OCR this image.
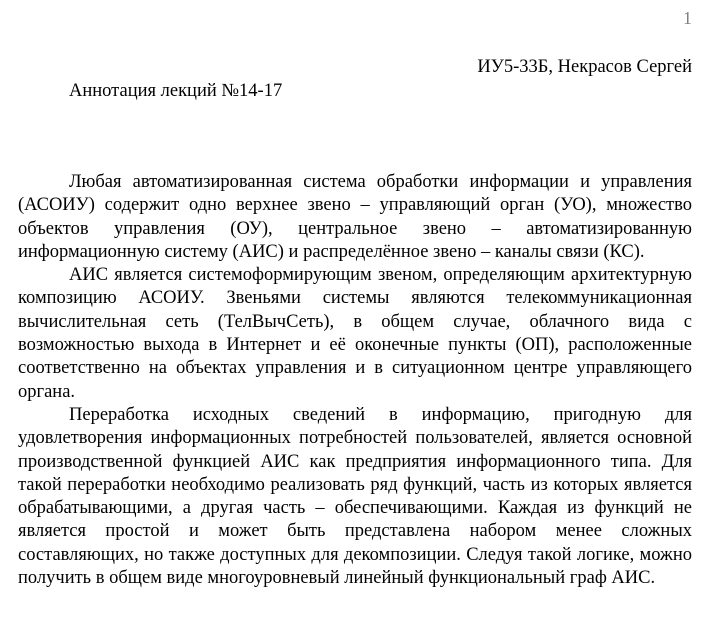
1
ИУ5-33Б, Некрасов Сергей
Аннотация лекций №14-17

Любая автоматизированная система обработки информации и управления (АСОИУ) содержит одно верхнее звено – управляющий орган (УО), множество объектов управления (ОУ), центральное звено – автоматизированную информационную систему (АИС) и распределённое звено – каналы связи (КС).

АИС является системоформирующим звеном, определяющим архитектурную композицию АСОИУ. Звеньями системы являются телекоммуникационная вычислительная сеть (ТелВычСеть), в общем случае, облачного вида с возможностью выхода в Интернет и её оконечные пункты (ОП), расположенные соответственно на объектах управления и в ситуационном центре управляющего органа.

Переработка исходных сведений в информацию, пригодную для удовлетворения информационных потребностей пользователей, является основной производственной функцией АИС как предприятия информационного типа. Для такой переработки необходимо реализовать ряд функций, часть из которых является обрабатывающими, а другая часть – обеспечивающими. Каждая из функций не является простой и может быть представлена набором менее сложных составляющих, но также доступных для декомпозиции. Следуя такой логике, можно получить в общем виде многоуровневый линейный функциональный граф АИС.
